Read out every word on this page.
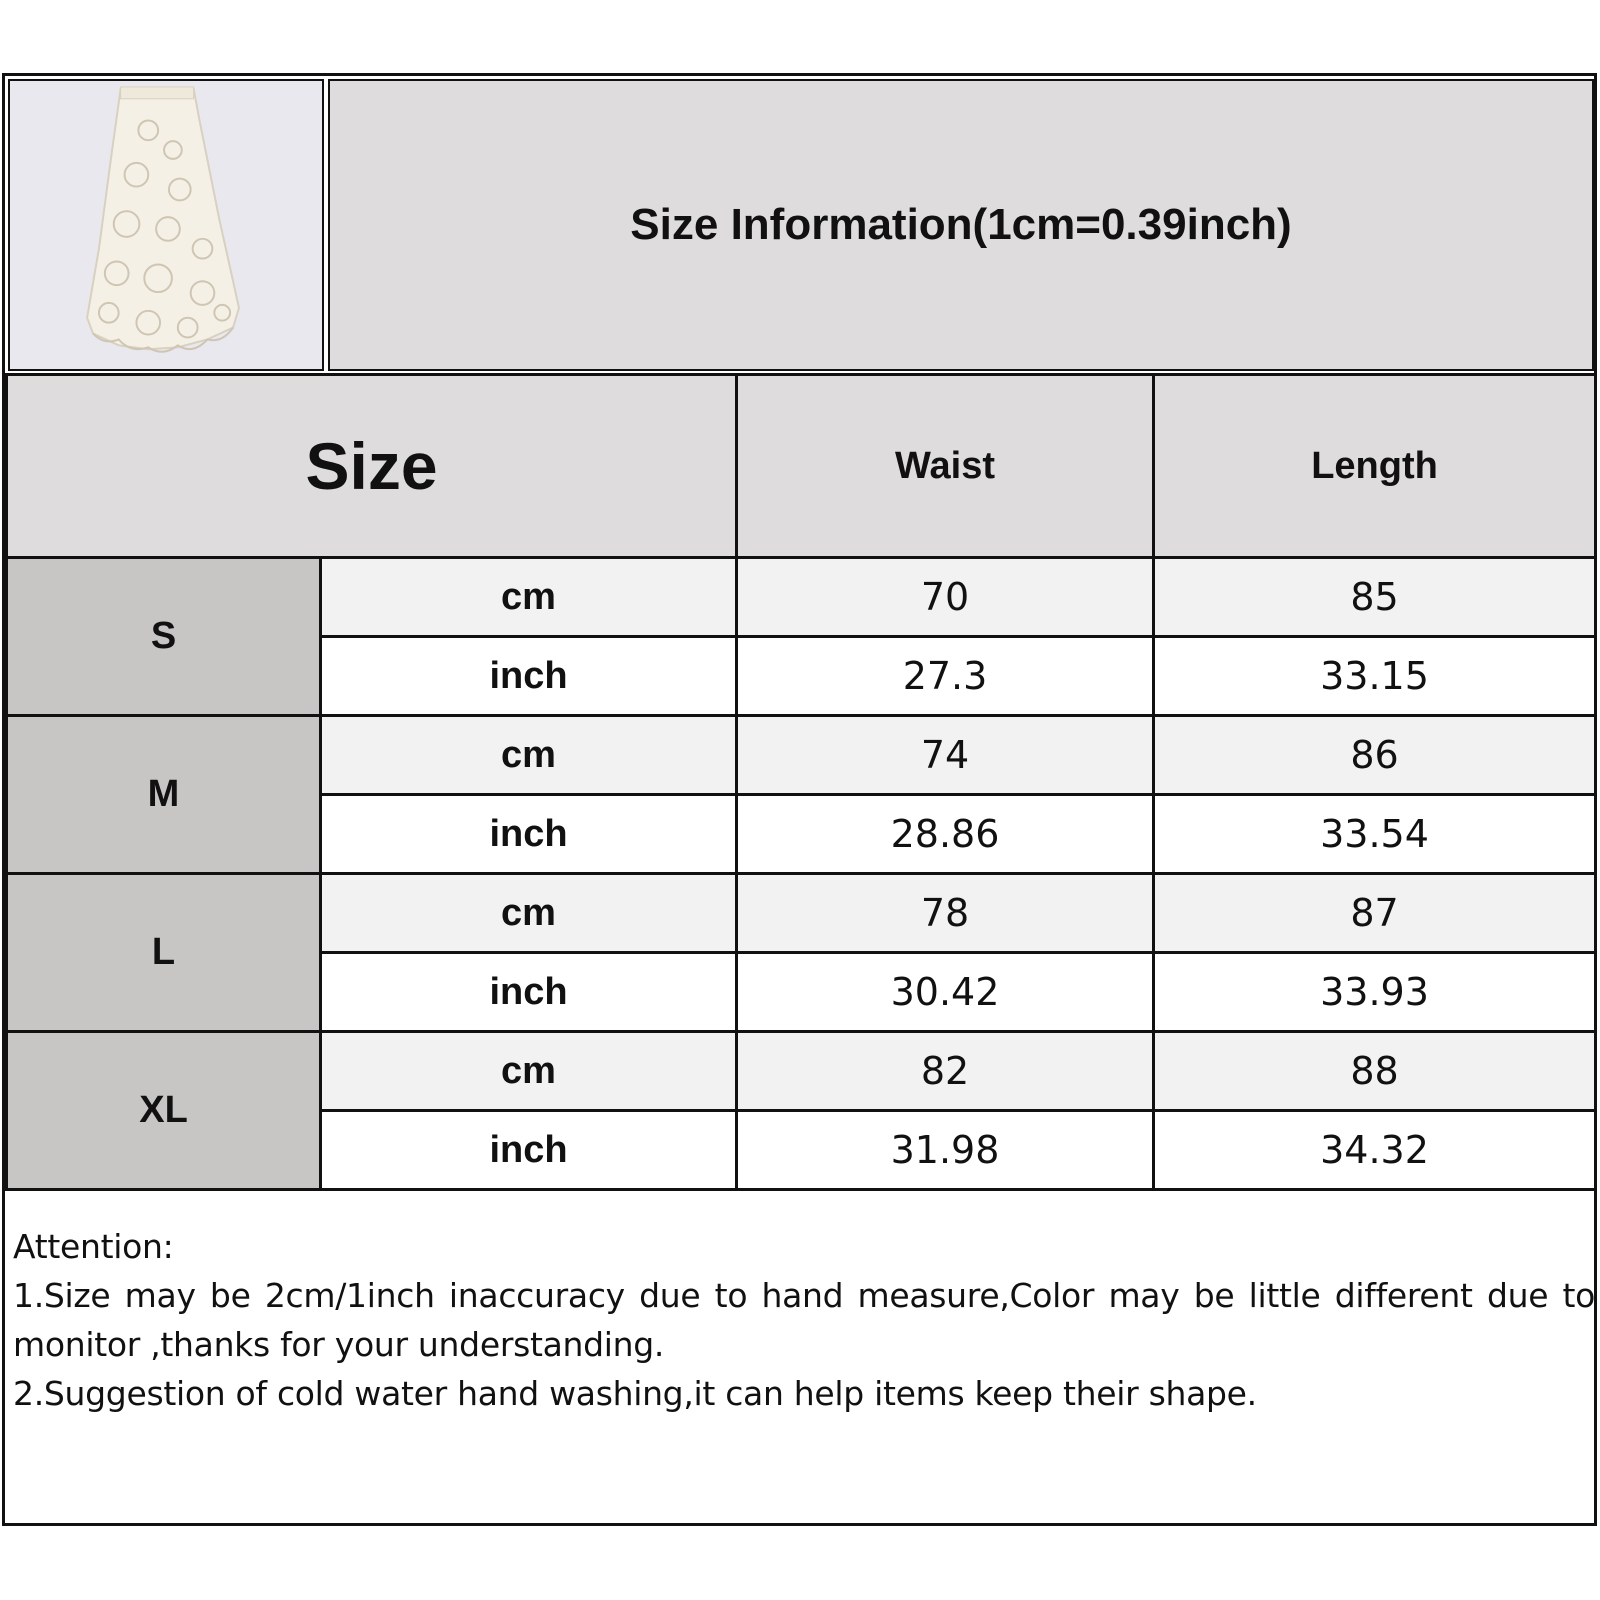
Size Information(1cm=0.39inch)
Size		Waist	Length
S	cm	70	85
	inch	27.3	33.15
M	cm	74	86
	inch	28.86	33.54
L	cm	78	87
	inch	30.42	33.93
XL	cm	82	88
	inch	31.98	34.32
Attention:
1.Size may be 2cm/1inch inaccuracy due to hand measure,Color may be little different due to monitor ,thanks for your understanding.
2.Suggestion of cold water hand washing,it can help items keep their shape.
